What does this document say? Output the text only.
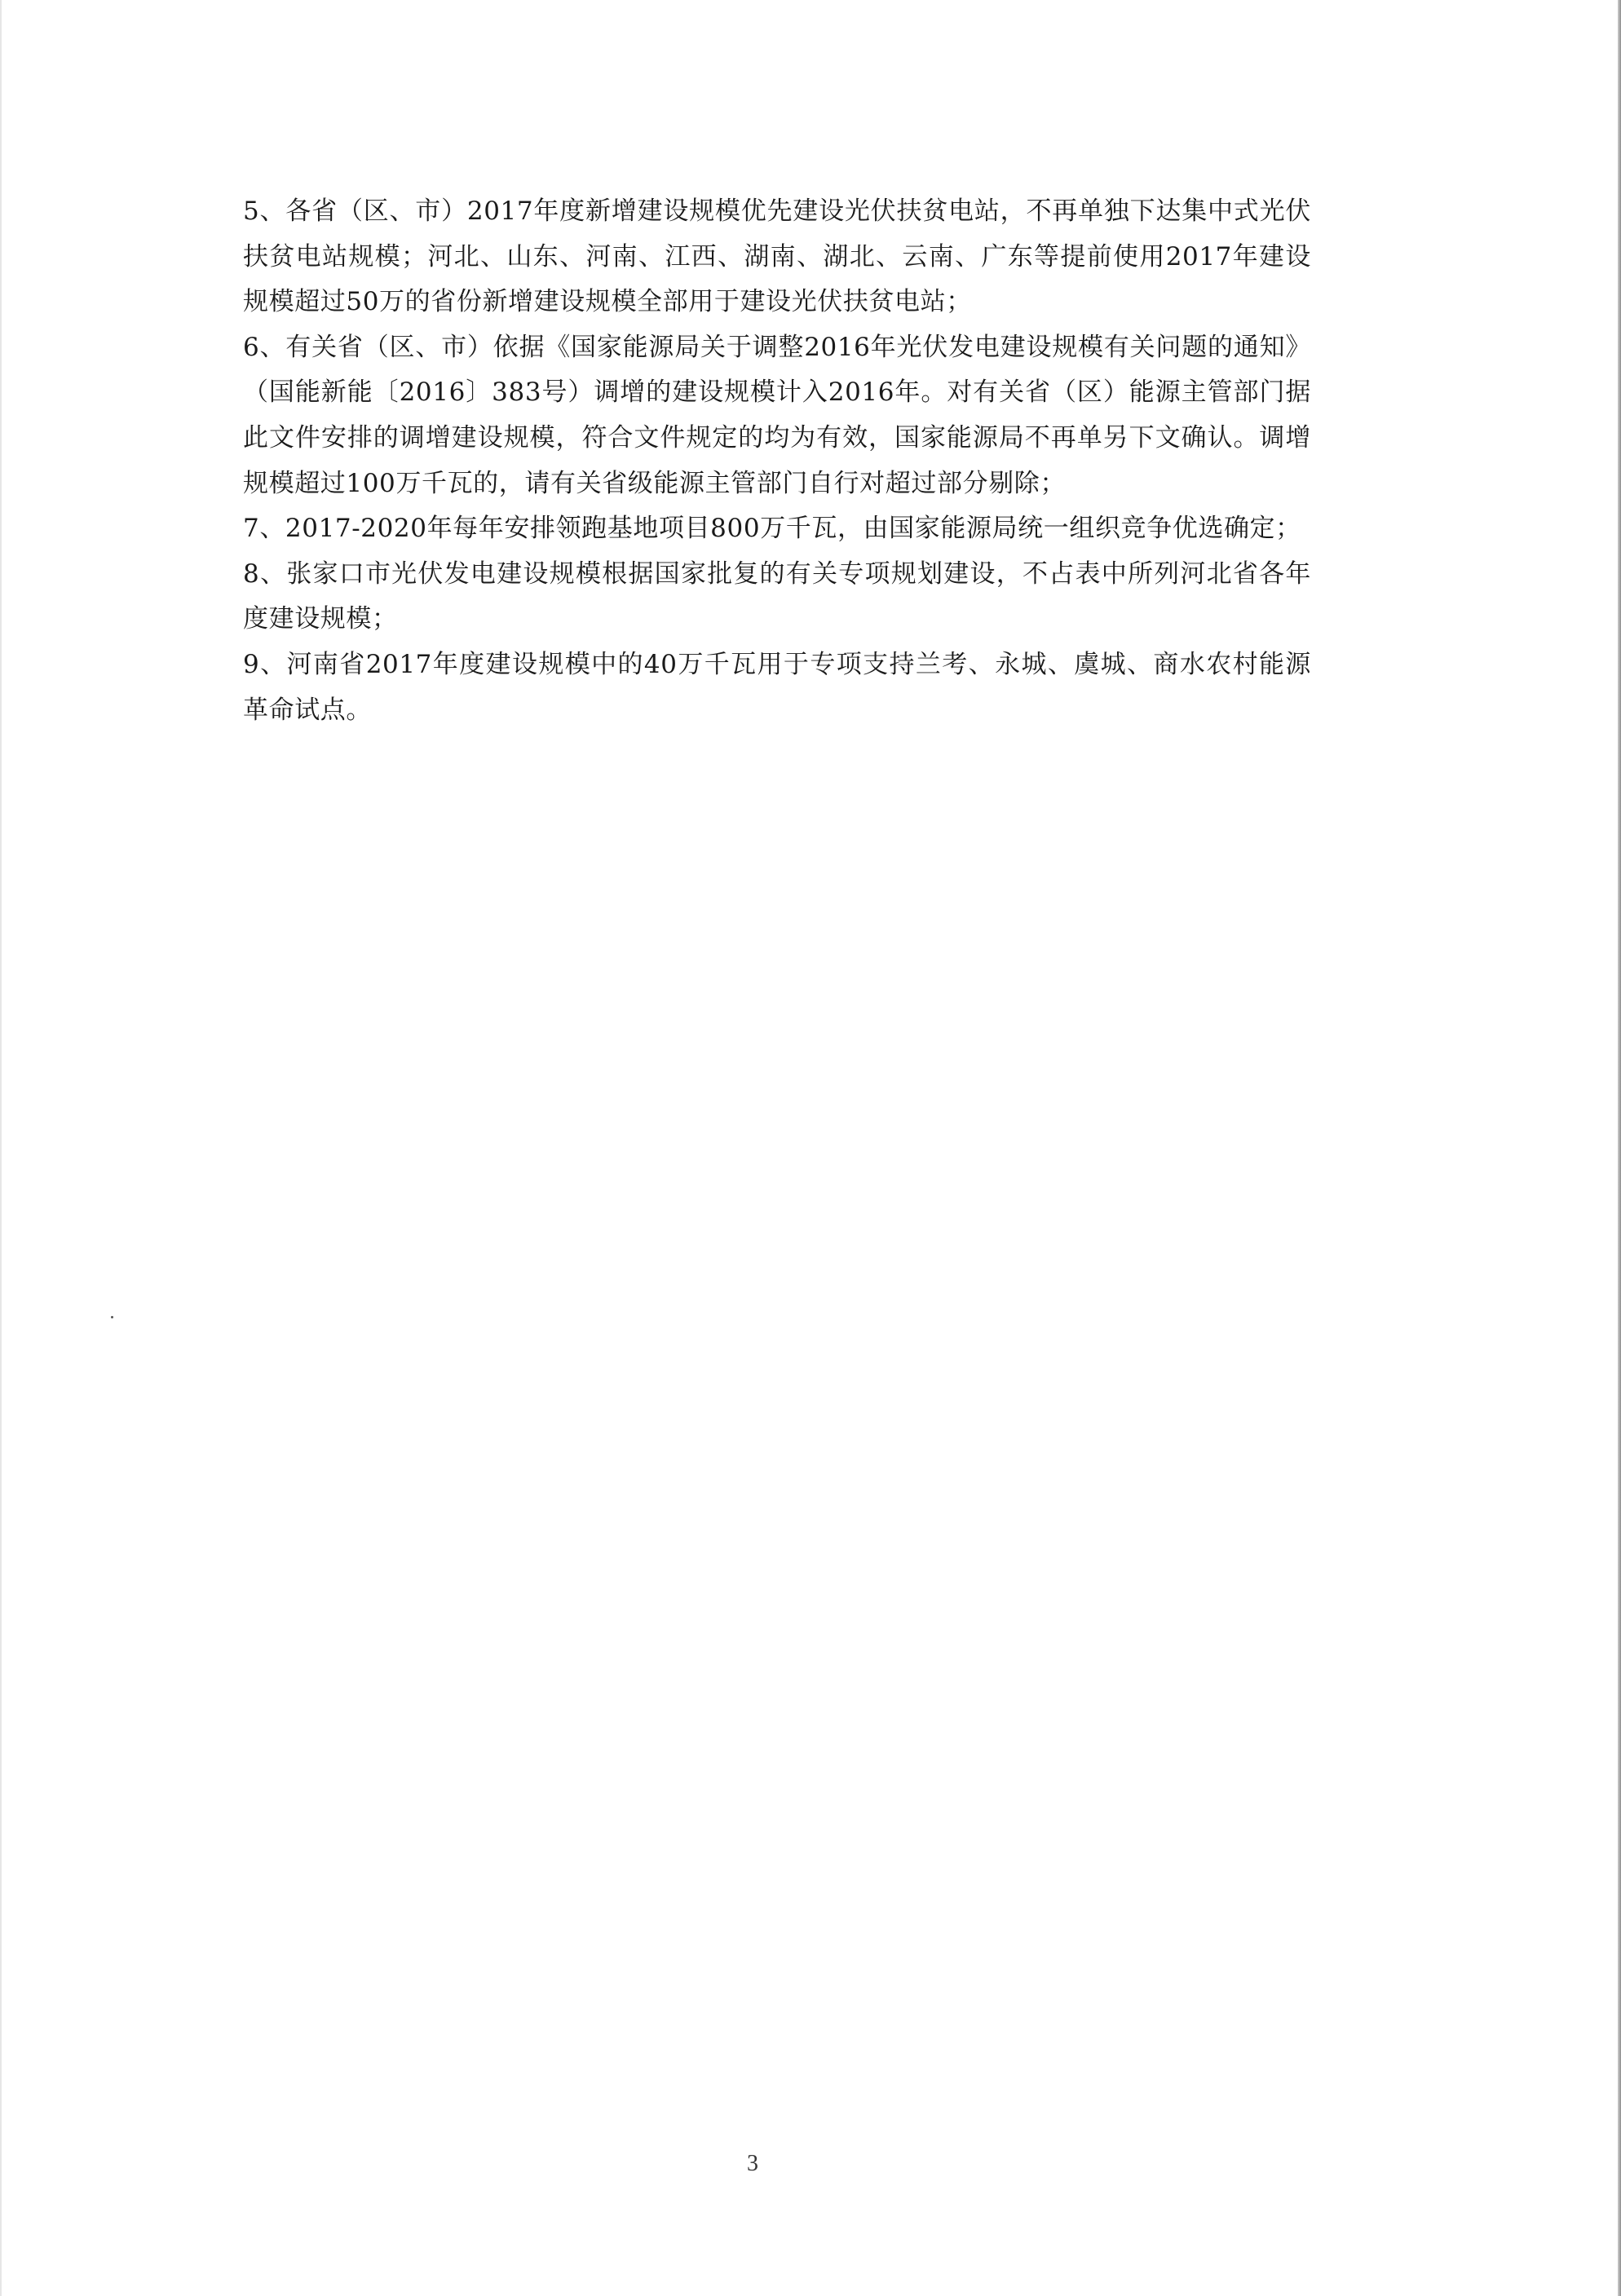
5、各省（区、市）2017年度新增建设规模优先建设光伏扶贫电站，不再单独下达集中式光伏扶贫电站规模；河北、山东、河南、江西、湖南、湖北、云南、广东等提前使用2017年建设规模超过50万的省份新增建设规模全部用于建设光伏扶贫电站；

6、有关省（区、市）依据《国家能源局关于调整2016年光伏发电建设规模有关问题的通知》（国能新能〔2016〕383号）调增的建设规模计入2016年。对有关省（区）能源主管部门据此文件安排的调增建设规模，符合文件规定的均为有效，国家能源局不再单另下文确认。调增规模超过100万千瓦的，请有关省级能源主管部门自行对超过部分剔除；

7、2017-2020年每年安排领跑基地项目800万千瓦，由国家能源局统一组织竞争优选确定；

8、张家口市光伏发电建设规模根据国家批复的有关专项规划建设，不占表中所列河北省各年度建设规模；

9、河南省2017年度建设规模中的40万千瓦用于专项支持兰考、永城、虞城、商水农村能源革命试点。

3
